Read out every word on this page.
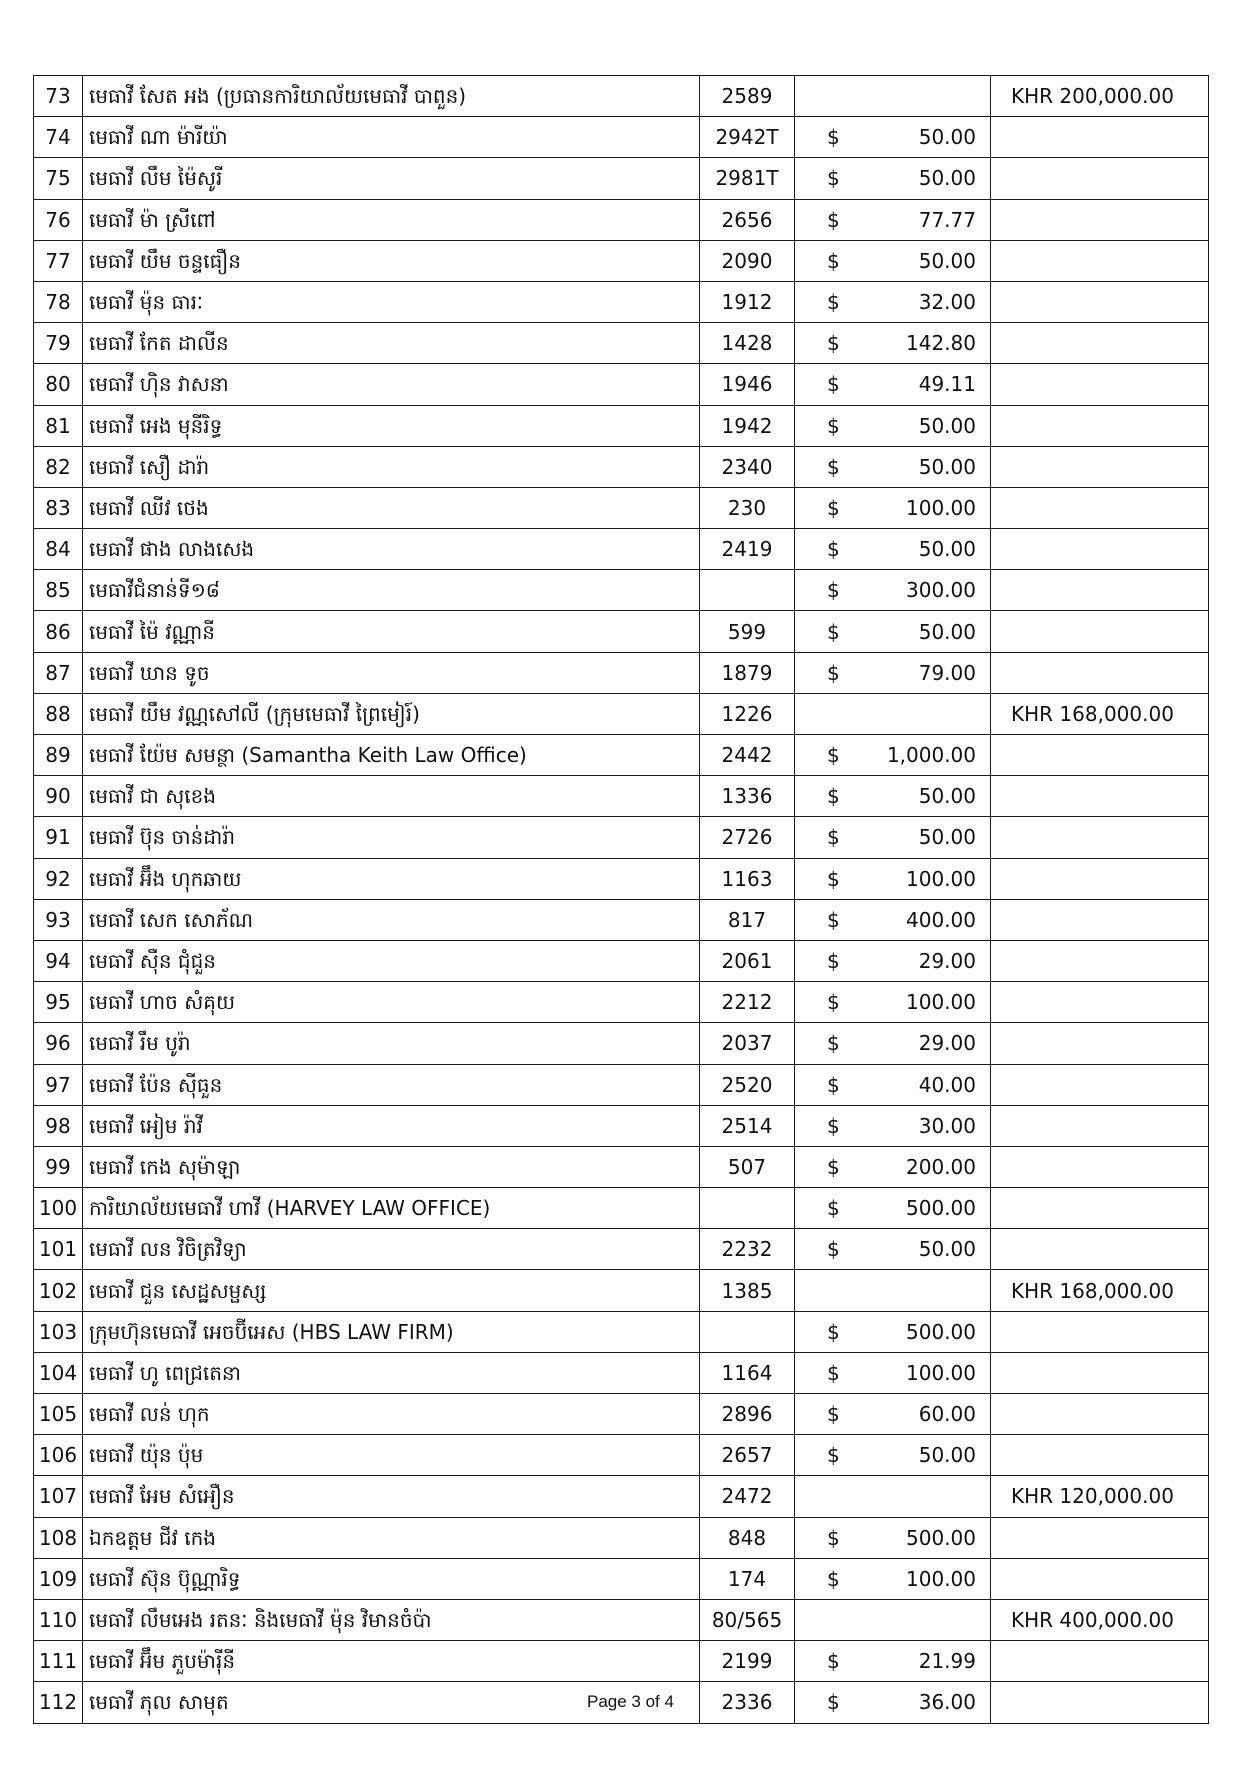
73	មេធាវី សែត អង (ប្រធានការិយាល័យមេធាវី បាពួន)	2589		KHR 200,000.00
74	មេធាវី ណា ម៉ារីយ៉ា	2942T	$ 50.00	

75	មេធាវី លឹម ម៉ៃសូរី	2981T	$ 50.00	

76	មេធាវី ម៉ា ស្រីពៅ	2656	$ 77.77	

77	មេធាវី យឹម ចន្ទធឿន	2090	$ 50.00	

78	មេធាវី ម៉ុន ធារៈ	1912	$ 32.00	

79	មេធាវី កែត ដាលីន	1428	$ 142.80	

80	មេធាវី ហ៊ិន វាសនា	1946	$ 49.11	

81	មេធាវី អេង មុនីរិទ្ធ	1942	$ 50.00	

82	មេធាវី សឿ ដារ៉ា	2340	$ 50.00	

83	មេធាវី ឈីវ ថេង	230	$ 100.00	

84	មេធាវី ផាង លាងសេង	2419	$ 50.00	

85	មេធាវីជំនាន់ទី១៨		$ 300.00	

86	មេធាវី ម៉ៃ វណ្ណានី	599	$ 50.00	

87	មេធាវី ឃាន ទូច	1879	$ 79.00	

88	មេធាវី យឹម វណ្ណសៅលី (ក្រុមមេធាវី ព្រៃមៀរ៍)	1226		KHR 168,000.00
89	មេធាវី យ៉ែម សមន្ថា (Samantha Keith Law Office)	2442	$ 1,000.00	

90	មេធាវី ជា សុខេង	1336	$ 50.00	

91	មេធាវី ប៊ុន ចាន់ដារ៉ា	2726	$ 50.00	

92	មេធាវី អ៊ឹង ហុកឆាយ	1163	$ 100.00	

93	មេធាវី សេក សោភ័ណ	817	$ 400.00	

94	មេធាវី ស៊ឺន ជុំជួន	2061	$ 29.00	

95	មេធាវី ហាច សំគុយ	2212	$ 100.00	

96	មេធាវី រឹម បូរ៉ា	2037	$ 29.00	

97	មេធាវី ប៉ែន ស៊ីធួន	2520	$ 40.00	

98	មេធាវី អៀម រ៉ាវី	2514	$ 30.00	

99	មេធាវី កេង សុម៉ាឡា	507	$ 200.00	

100	ការិយាល័យមេធាវី ហាវី (HARVEY LAW OFFICE)		$ 500.00	

101	មេធាវី លន វិចិត្រវិទ្យា	2232	$ 50.00	

102	មេធាវី ជួន សេដ្ឋសម្ផស្ស	1385		KHR 168,000.00
103	ក្រុមហ៊ុនមេធាវី អេចប៊ីអេស (HBS LAW FIRM)		$ 500.00	

104	មេធាវី ហូ ពេជ្រតេនា	1164	$ 100.00	

105	មេធាវី លន់ ហុក	2896	$ 60.00	

106	មេធាវី យ៉ុន ប៉ុម	2657	$ 50.00	

107	មេធាវី អែម សំអឿន	2472		KHR 120,000.00
108	ឯកឧត្តម ជីវ កេង	848	$ 500.00	

109	មេធាវី ស៊ុន ប៊ុណ្ណារិទ្ធ	174	$ 100.00	

110	មេធាវី លឹមអេង រតនៈ និងមេធាវី ម៉ុន វិមានចំប៉ា	80/565		KHR 400,000.00
111	មេធាវី អ៊ឹម ភួបម៉ារ៉ីនី	2199	$ 21.99	

112	មេធាវី ភុល សាមុត Page 3 of 4	2336	$ 36.00	
